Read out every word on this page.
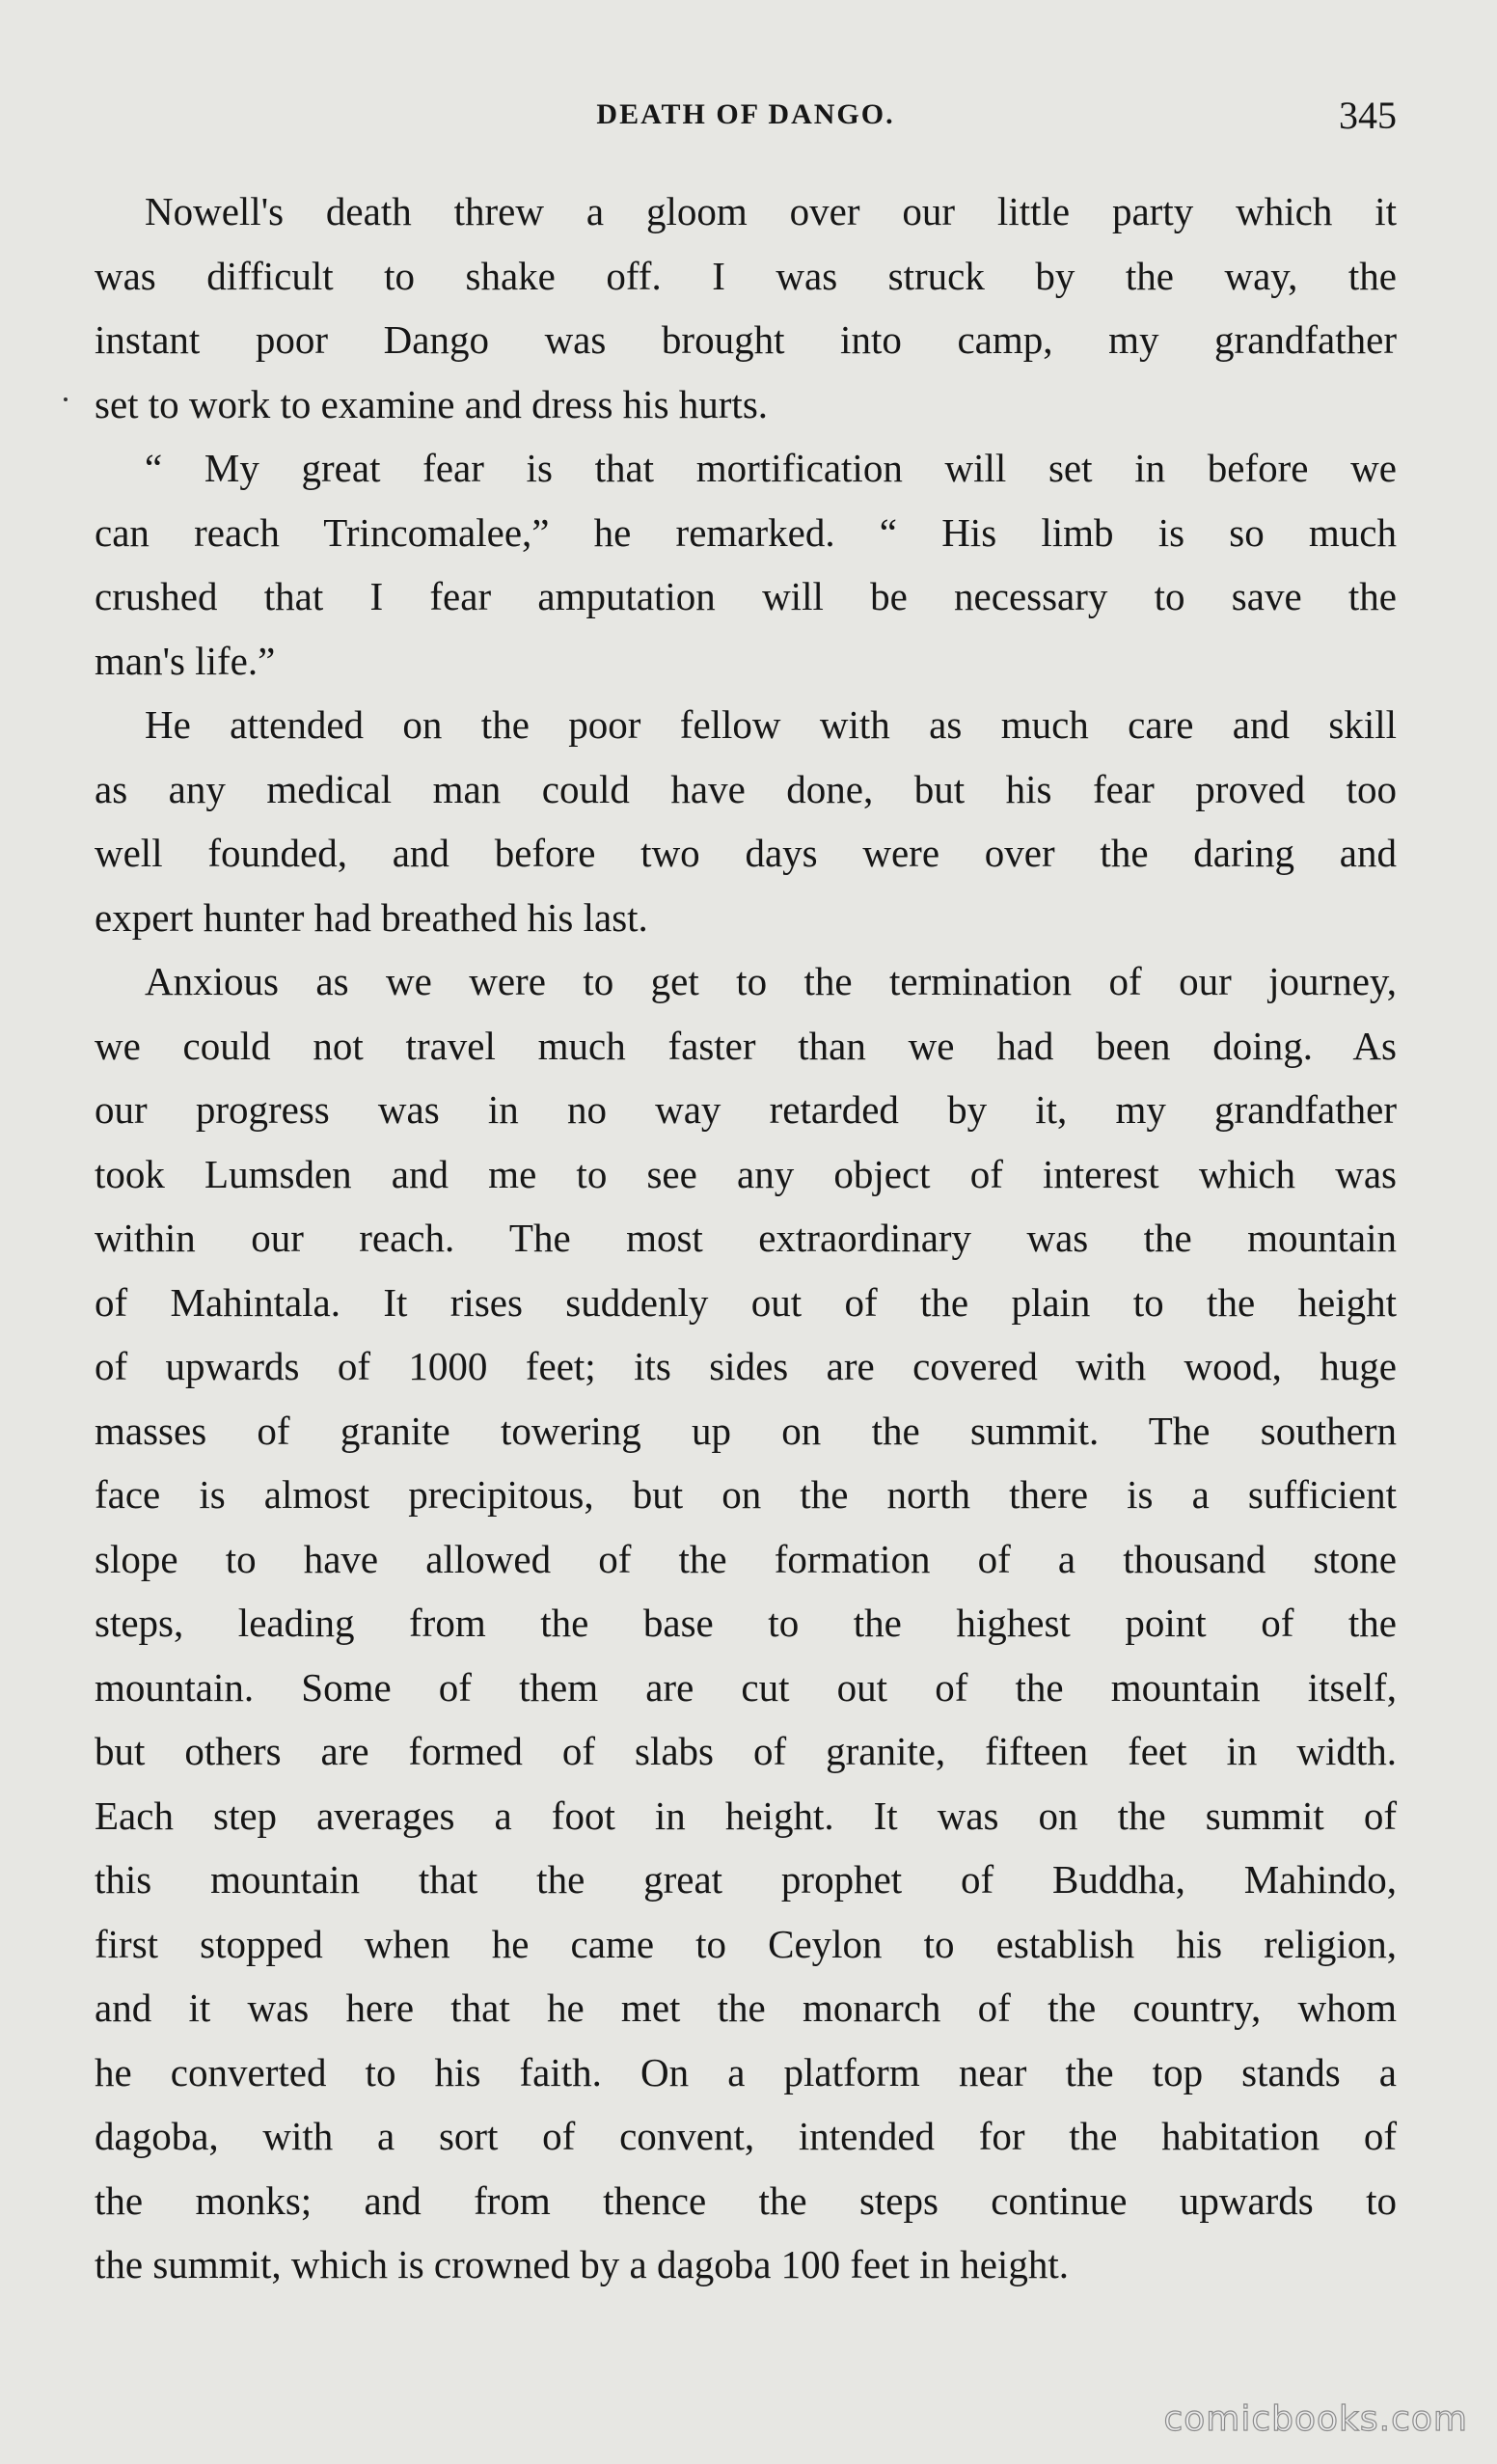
DEATH OF DANGO.	345
Nowell's death threw a gloom over our little party which it
was difficult to shake off. I was struck by the way, the
instant poor Dango was brought into camp, my grandfather
set to work to examine and dress his hurts.
“ My great fear is that mortification will set in before we
can reach Trincomalee,” he remarked. “ His limb is so much
crushed that I fear amputation will be necessary to save the
man's life.”
He attended on the poor fellow with as much care and skill
as any medical man could have done, but his fear proved too
well founded, and before two days were over the daring and
expert hunter had breathed his last.
Anxious as we were to get to the termination of our journey,
we could not travel much faster than we had been doing. As
our progress was in no way retarded by it, my grandfather
took Lumsden and me to see any object of interest which was
within our reach. The most extraordinary was the mountain
of Mahintala. It rises suddenly out of the plain to the height
of upwards of 1000 feet; its sides are covered with wood, huge
masses of granite towering up on the summit. The southern
face is almost precipitous, but on the north there is a sufficient
slope to have allowed of the formation of a thousand stone
steps, leading from the base to the highest point of the
mountain. Some of them are cut out of the mountain itself,
but others are formed of slabs of granite, fifteen feet in width.
Each step averages a foot in height. It was on the summit of
this mountain that the great prophet of Buddha, Mahindo,
first stopped when he came to Ceylon to establish his religion,
and it was here that he met the monarch of the country, whom
he converted to his faith. On a platform near the top stands a
dagoba, with a sort of convent, intended for the habitation of
the monks; and from thence the steps continue upwards to
the summit, which is crowned by a dagoba 100 feet in height.
comicbooks.com
